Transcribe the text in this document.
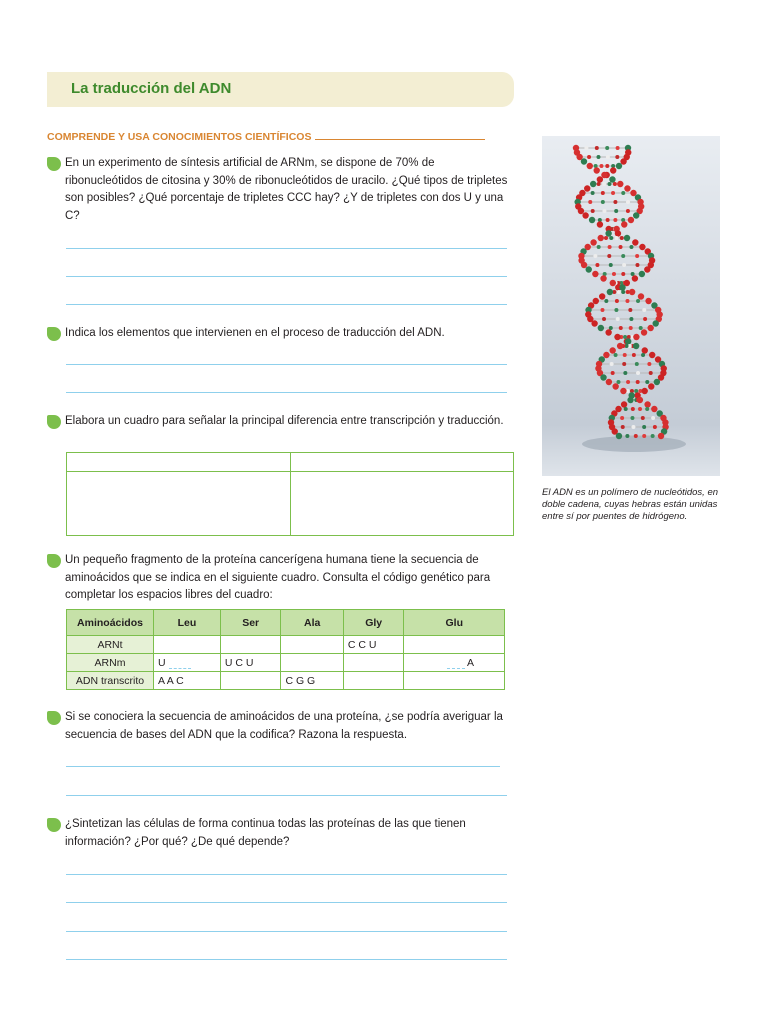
La traducción del ADN
COMPRENDE Y USA CONOCIMIENTOS CIENTÍFICOS
En un experimento de síntesis artificial de ARNm, se dispone de 70% de ribonucleótidos de citosina y 30% de ribonucleótidos de uracilo. ¿Qué tipos de tripletes son posibles? ¿Qué porcentaje de tripletes CCC hay? ¿Y de tripletes con dos U y una C?
Indica los elementos que intervienen en el proceso de traducción del ADN.
Elabora un cuadro para señalar la principal diferencia entre transcripción y traducción.

Un pequeño fragmento de la proteína cancerígena humana tiene la secuencia de aminoácidos que se indica en el siguiente cuadro. Consulta el código genético para completar los espacios libres del cuadro:
Aminoácidos	Leu	Ser	Ala	Gly	Glu
ARNt				C C U	
ARNm	U	U C U			A
ADN transcrito	A A C		C G G		
Si se conociera la secuencia de aminoácidos de una proteína, ¿se podría averiguar la secuencia de bases del ADN que la codifica? Razona la respuesta.
¿Sintetizan las células de forma continua todas las proteínas de las que tienen información? ¿Por qué? ¿De qué depende?
El ADN es un polímero de nucleótidos, en doble cadena, cuyas hebras están unidas entre sí por puentes de hidrógeno.
